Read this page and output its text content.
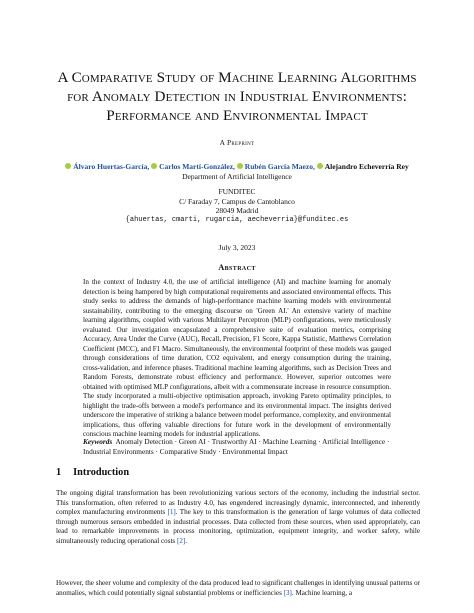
A Comparative Study of Machine Learning Algorithms
for Anomaly Detection in Industrial Environments:
Performance and Environmental Impact
A Preprint
Álvaro Huertas-García, Carlos Martí-González, Rubén García Maezo, Alejandro Echeverría Rey
Department of Artificial Intelligence
FUNDITEC
C/ Faraday 7, Campus de Cantoblanco
28049 Madrid
{ahuertas, cmarti, rugarcia, aecheverria}@funditec.es
July 3, 2023
Abstract
In the context of Industry 4.0, the use of artificial intelligence (AI) and machine learning for anomaly detection is being hampered by high computational requirements and associated environmental effects. This study seeks to address the demands of high-performance machine learning models with environmental sustainability, contributing to the emerging discourse on 'Green AI.' An extensive variety of machine learning algorithms, coupled with various Multilayer Perceptron (MLP) configurations, were meticulously evaluated. Our investigation encapsulated a comprehensive suite of evaluation metrics, comprising Accuracy, Area Under the Curve (AUC), Recall, Precision, F1 Score, Kappa Statistic, Matthews Correlation Coefficient (MCC), and F1 Macro. Simultaneously, the environmental footprint of these models was gauged through considerations of time duration, CO2 equivalent, and energy consumption during the training, cross-validation, and inference phases. Traditional machine learning algorithms, such as Decision Trees and Random Forests, demonstrate robust efficiency and performance. However, superior outcomes were obtained with optimised MLP configurations, albeit with a commensurate increase in resource consumption. The study incorporated a multi-objective optimisation approach, invoking Pareto optimality principles, to highlight the trade-offs between a model's performance and its environmental impact. The insights derived underscore the imperative of striking a balance between model performance, complexity, and environmental implications, thus offering valuable directions for future work in the development of environmentally conscious machine learning models for industrial applications.
Keywords Anomaly Detection · Green AI · Trustworthy AI · Machine Learning · Artificial Intelligence · Industrial Environments · Comparative Study · Environmental Impact
1 Introduction
The ongoing digital transformation has been revolutionizing various sectors of the economy, including the industrial sector. This transformation, often referred to as Industry 4.0, has engendered increasingly dynamic, interconnected, and inherently complex manufacturing environments [1]. The key to this transformation is the generation of large volumes of data collected through numerous sensors embedded in industrial processes. Data collected from these sources, when used appropriately, can lead to remarkable improvements in process monitoring, optimization, equipment integrity, and worker safety, while simultaneously reducing operational costs [2].
However, the sheer volume and complexity of the data produced lead to significant challenges in identifying unusual patterns or anomalies, which could potentially signal substantial problems or inefficiencies [3]. Machine learning, a
